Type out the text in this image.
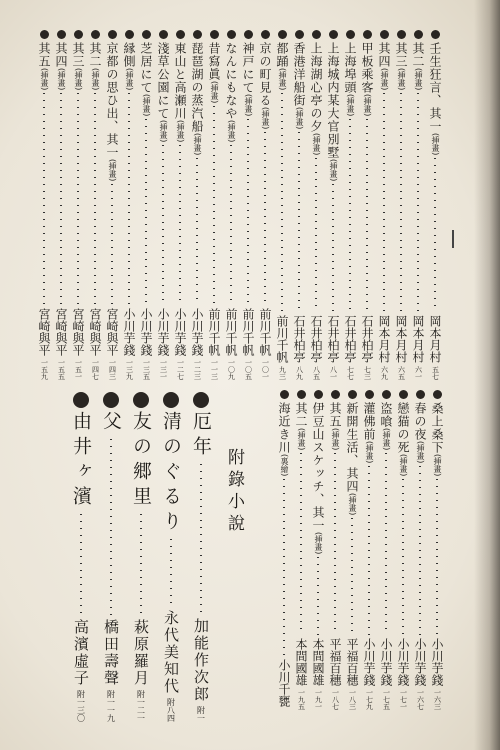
壬生狂言、其一
(挿畫)
岡本月村
五七
其二
(挿畫)
岡本月村
六一
其三
(挿畫)
岡本月村
六五
其四
(挿畫)
岡本月村
六九
甲板乘客
(挿畫)
石井柏亭
七三
上海埠頭
(挿畫)
石井柏亭
七七
上海城内某大官別墅
(挿畫)
石井柏亭
八一
上海湖心亭の夕
(挿畫)
石井柏亭
八五
香港洋船街
(挿畫)
石井柏亭
八九
都踊
(挿畫)
前川千帆
九三
京の町見る
(挿畫)
前川千帆
一〇一
神戸にて
(挿畫)
前川千帆
一〇五
なんにもなや
(挿畫)
前川千帆
一〇九
昔寫眞
(挿畫)
前川千帆
一一三
琵琶湖の蒸汽船
(挿畫)
小川芋錢
一二三
東山と高瀬川
(挿畫)
小川芋錢
一二七
淺草公園にて
(挿畫)
小川芋錢
一三一
芝居にて
(挿畫)
小川芋錢
一三五
縁側
(挿畫)
小川芋錢
一三九
京都の思ひ出、其一
(挿畫)
宮崎與平
一四三
其二
(挿畫)
宮崎與平
一四七
其三
(挿畫)
宮崎與平
一五一
其四
(挿畫)
宮崎與平
一五五
其五
(挿畫)
宮崎與平
一五九
桑上桑下
(挿畫)
小川芋錢
一六三
春の夜
(挿畫)
小川芋錢
一六七
戀猫の死
(挿畫)
小川芋錢
一七一
盗喰
(挿畫)
小川芋錢
一七五
灌佛前
(挿畫)
小川芋錢
一七九
新開生活、其四
(挿畫)
平福百穗
一八三
其五
(挿畫)
平福百穗
一八七
伊豆山スケッチ、其一
(挿畫)
本間國雄
一九一
其二
(挿畫)
本間國雄
一九五
海近き川
(裏繪)
小川千甕
附錄小說
厄年
加能作次郎
附一
清のぐるり
永代美知代
附八四
友の郷里
萩原羅月
附一二一
父
橋田壽聲
附一一九
由井ヶ濱
高濱虛子
附一三〇
